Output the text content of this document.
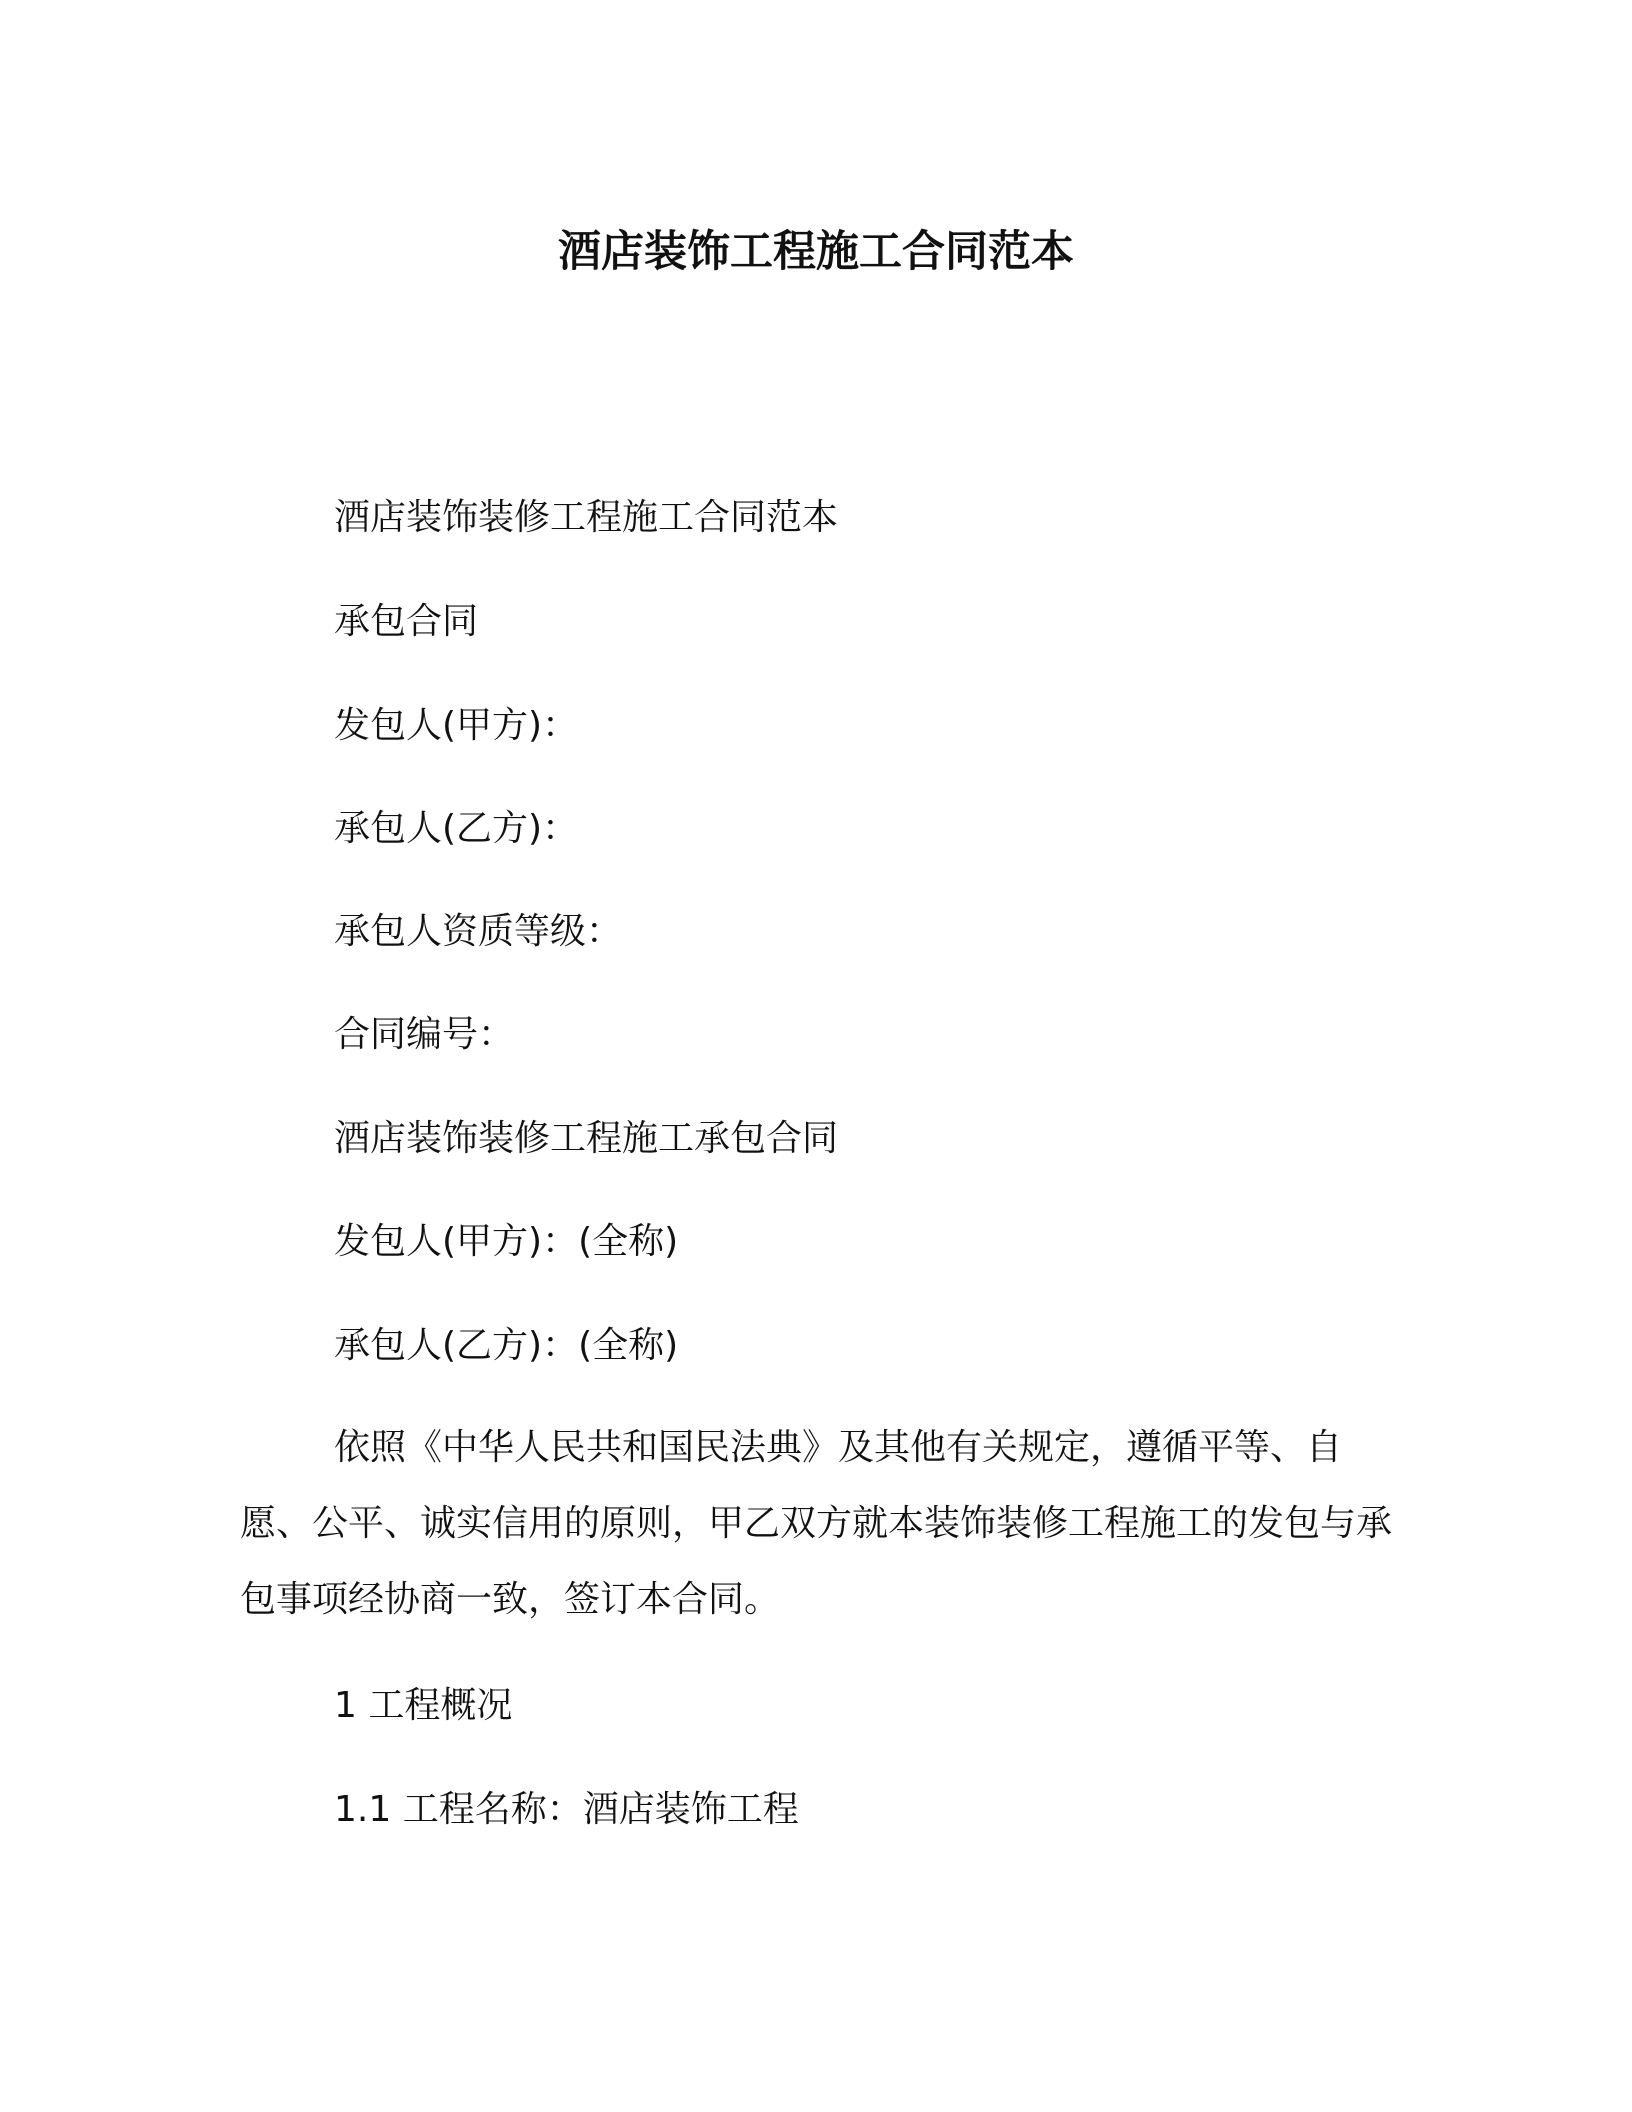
酒店装饰工程施工合同范本
酒店装饰装修工程施工合同范本
承包合同
发包人(甲方)：
承包人(乙方)：
承包人资质等级：
合同编号：
酒店装饰装修工程施工承包合同
发包人(甲方)：(全称)
承包人(乙方)：(全称)
依照《中华人民共和国民法典》及其他有关规定，遵循平等、自愿、公平、诚实信用的原则，甲乙双方就本装饰装修工程施工的发包与承包事项经协商一致，签订本合同。
1 工程概况
1.1 工程名称：酒店装饰工程
